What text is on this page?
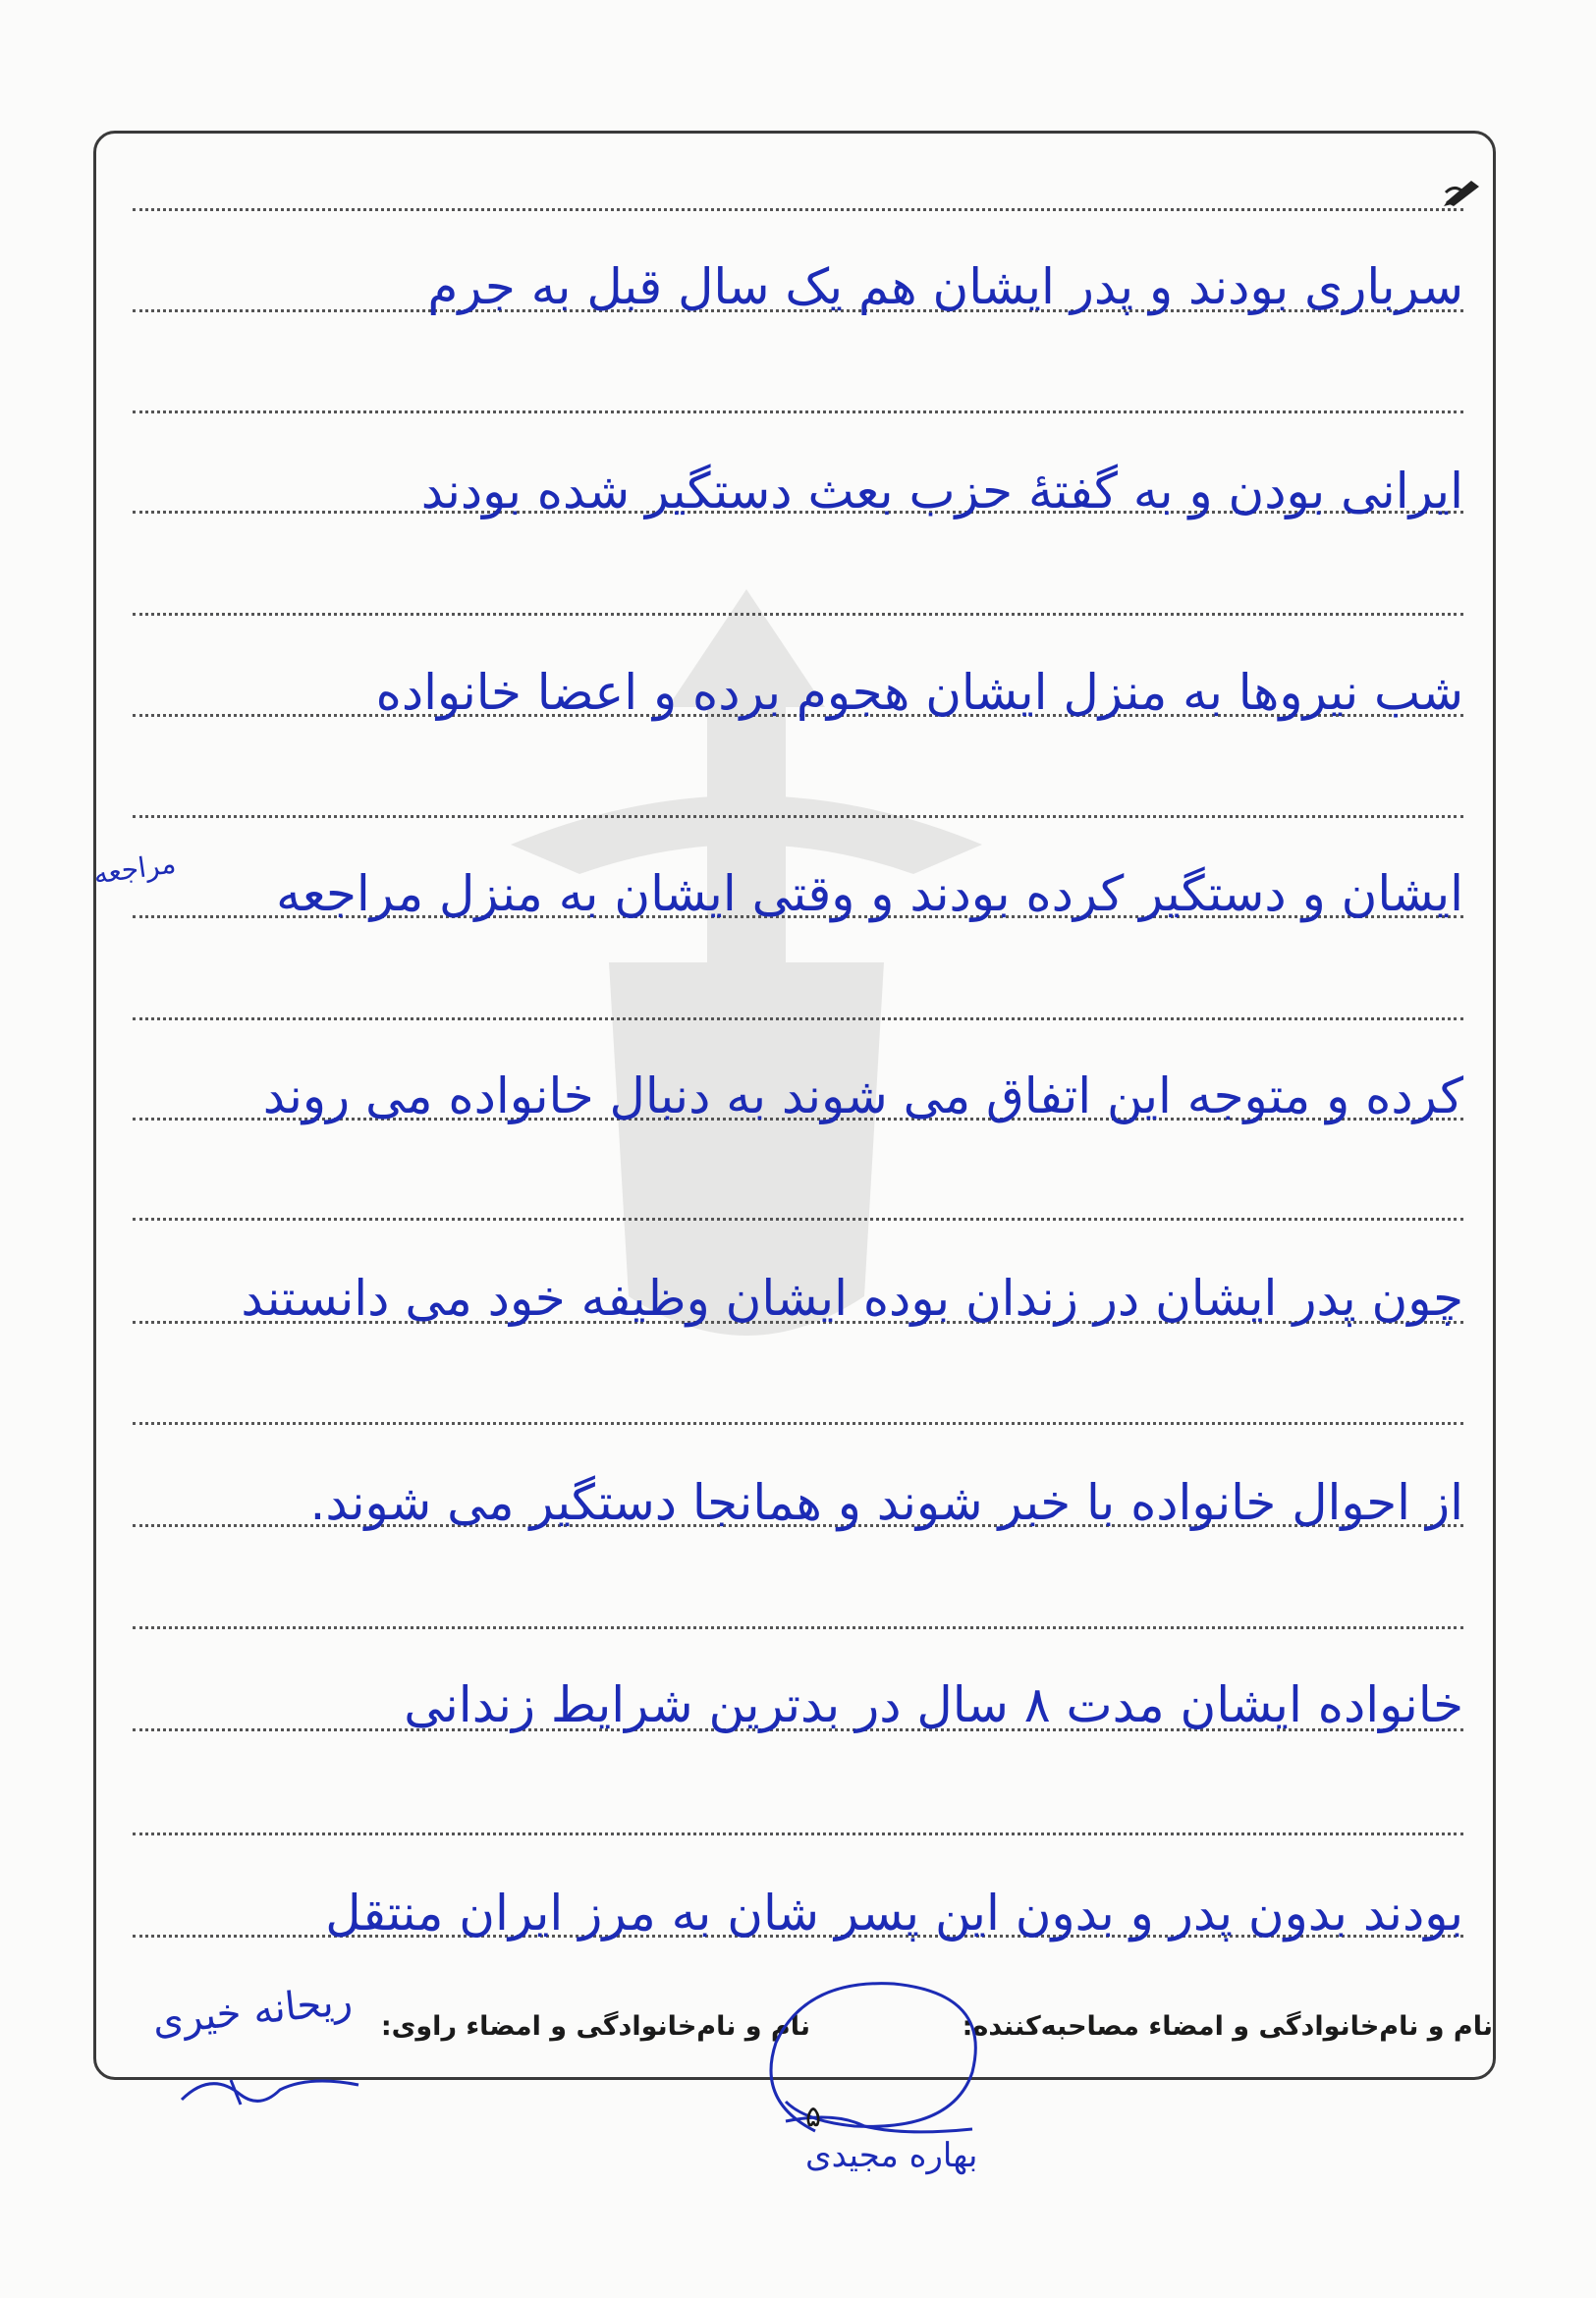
سرباری بودند و پدر ایشان هم یک سال قبل به جرم
ایرانی بودن و به گفتهٔ حزب بعث دستگیر شده بودند
شب نیروها به منزل ایشان هجوم برده و اعضا خانواده
ایشان و دستگیر کرده بودند و وقتی ایشان به منزل مراجعه
کرده و متوجه این اتفاق می شوند به دنبال خانواده می روند
چون پدر ایشان در زندان بوده ایشان وظیفه خود می دانستند
از احوال خانواده با خبر شوند و همانجا دستگیر می شوند.
خانواده ایشان مدت ۸ سال در بدترین شرایط زندانی
بودند بدون پدر و بدون این پسر شان به مرز ایران منتقل
مراجعه
نام و نام‌خانوادگی و امضاء مصاحبه‌کننده:
نام و نام‌خانوادگی و امضاء راوی:
ریحانه خیری
۵
بهاره مجیدی
